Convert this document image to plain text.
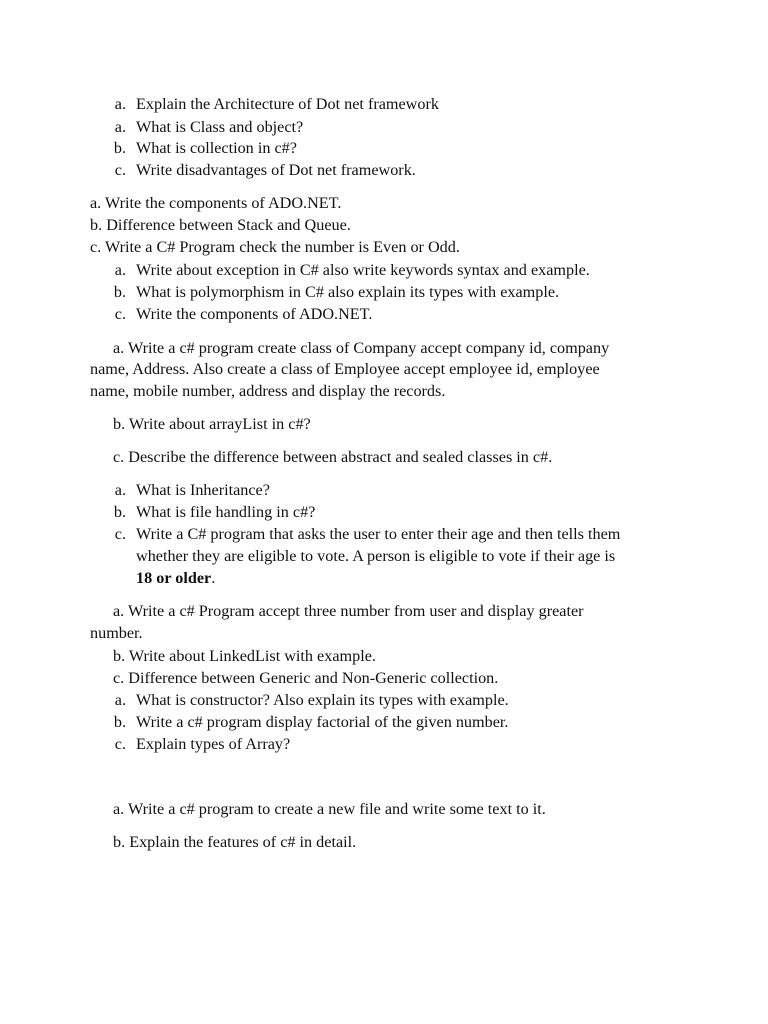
a. Explain the Architecture of Dot net framework
a. What is Class and object?
b. What is collection in c#?
c. Write disadvantages of Dot net framework.
a. Write the components of ADO.NET.
b. Difference between Stack and Queue.
c. Write a C# Program check the number is Even or Odd.
a. Write about exception in C# also write keywords syntax and example.
b. What is polymorphism in C# also explain its types with example.
c. Write the components of ADO.NET.
a. Write a c# program create class of Company accept company id, company
name, Address. Also create a class of Employee accept employee id, employee
name, mobile number, address and display the records.
b. Write about arrayList in c#?
c. Describe the difference between abstract and sealed classes in c#.
a. What is Inheritance?
b. What is file handling in c#?
c. Write a C# program that asks the user to enter their age and then tells them
whether they are eligible to vote. A person is eligible to vote if their age is
18 or older.
a. Write a c# Program accept three number from user and display greater
number.
b. Write about LinkedList with example.
c. Difference between Generic and Non-Generic collection.
a. What is constructor? Also explain its types with example.
b. Write a c# program display factorial of the given number.
c. Explain types of Array?
a. Write a c# program to create a new file and write some text to it.
b. Explain the features of c# in detail.
